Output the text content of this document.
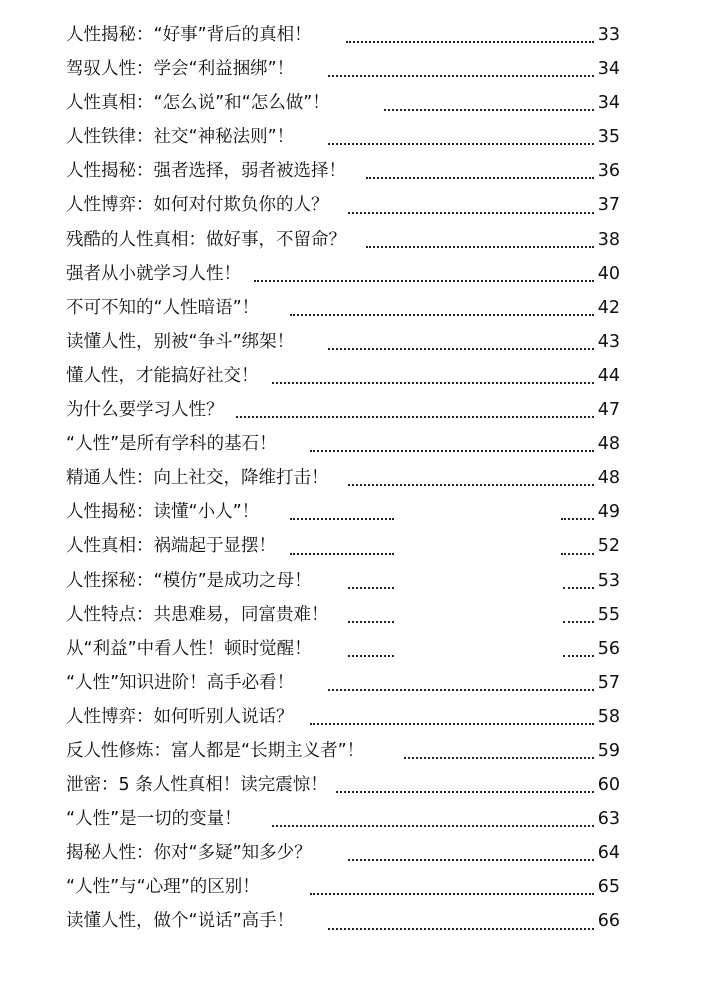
人性揭秘：“好事”背后的真相！	33
驾驭人性：学会“利益捆绑”！	34
人性真相：“怎么说”和“怎么做”！	34
人性铁律：社交“神秘法则”！	35
人性揭秘：强者选择，弱者被选择！	36
人性博弈：如何对付欺负你的人？	37
残酷的人性真相：做好事，不留命？	38
强者从小就学习人性！	40
不可不知的“人性暗语”！	42
读懂人性，别被“争斗”绑架！	43
懂人性，才能搞好社交！	44
为什么要学习人性？	47
“人性”是所有学科的基石！	48
精通人性：向上社交，降维打击！	48
人性揭秘：读懂“小人”！	49
人性真相：祸端起于显摆！	52
人性探秘：“模仿”是成功之母！	53
人性特点：共患难易，同富贵难！	55
从“利益”中看人性！顿时觉醒！	56
“人性”知识进阶！高手必看！	57
人性博弈：如何听别人说话？	58
反人性修炼：富人都是“长期主义者”！	59
泄密：5 条人性真相！读完震惊！	60
“人性”是一切的变量！	63
揭秘人性：你对“多疑”知多少？	64
“人性”与“心理”的区别！	65
读懂人性，做个“说话”高手！	66
